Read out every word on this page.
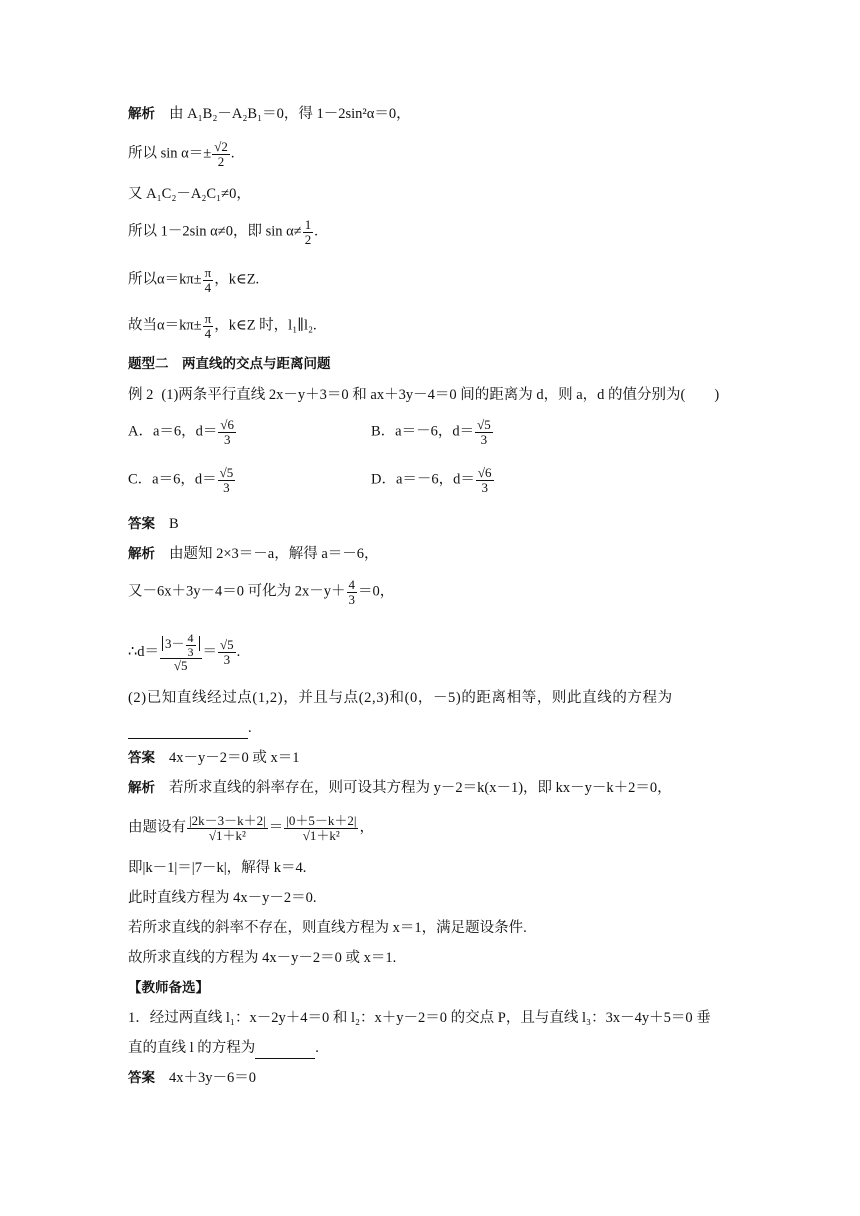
解析 由 A₁B₂－A₂B₁＝0，得 1－2sin²α＝0，
所以 $\sin \alpha=\pm \frac{√2}{2}$ .
又 A₁C₂－A₂C₁≠0，
所以 1－2sin α≠0，即 $\sin \alpha\ne \frac{1}{2}$ .
所以$\alpha=k\pi\pm \frac{\pi}{4}$ ，k∈Z.
故当$\alpha=k\pi\pm \frac{\pi}{4}$ ，k∈Z 时，l₁∥l₂.
题型二　两直线的交点与距离问题
例 2 (1)两条平行直线 2x－y＋3＝0 和 ax＋3y－4＝0 间的距离为 d，则 a，d 的值分别为(　　)
A．a＝6，$d= \frac{√6}{3}$	B．a＝－6，$d= \frac{√5}{3}$
C．a＝6，$d= \frac{√5}{3}$	D．a＝－6，$d= \frac{√6}{3}$
答案 B
解析 由题知 2×3＝－a，解得 a＝－6，
又－6x＋3y－4＝0 可化为 $2x-y+ \frac{4}{3} =0$，
∴d＝ $\frac{3- \frac{4}{3}}{√5} = \frac{√5}{3}$ .
(2)已知直线经过点(1,2)，并且与点(2,3)和(0，－5)的距离相等，则此直线的方程为
.
答案 4x－y－2＝0 或 x＝1
解析 若所求直线的斜率存在，则可设其方程为 y－2＝k(x－1)，即 kx－y－k＋2＝0，
由题设有 $\frac{|2k-3-k+2|}{\text{√1＋k²}} = \frac{|0+5-k+2|}{\text{√1＋k²}}$ ，
即|k－1|＝|7－k|，解得 k＝4.
此时直线方程为 4x－y－2＝0.
若所求直线的斜率不存在，则直线方程为 x＝1，满足题设条件.
故所求直线的方程为 4x－y－2＝0 或 x＝1.
【教师备选】
1．经过两直线 l₁：x－2y＋4＝0 和 l₂：x＋y－2＝0 的交点 P，且与直线 l₃：3x－4y＋5＝0 垂
直的直线 l 的方程为	.
答案 4x＋3y－6＝0
